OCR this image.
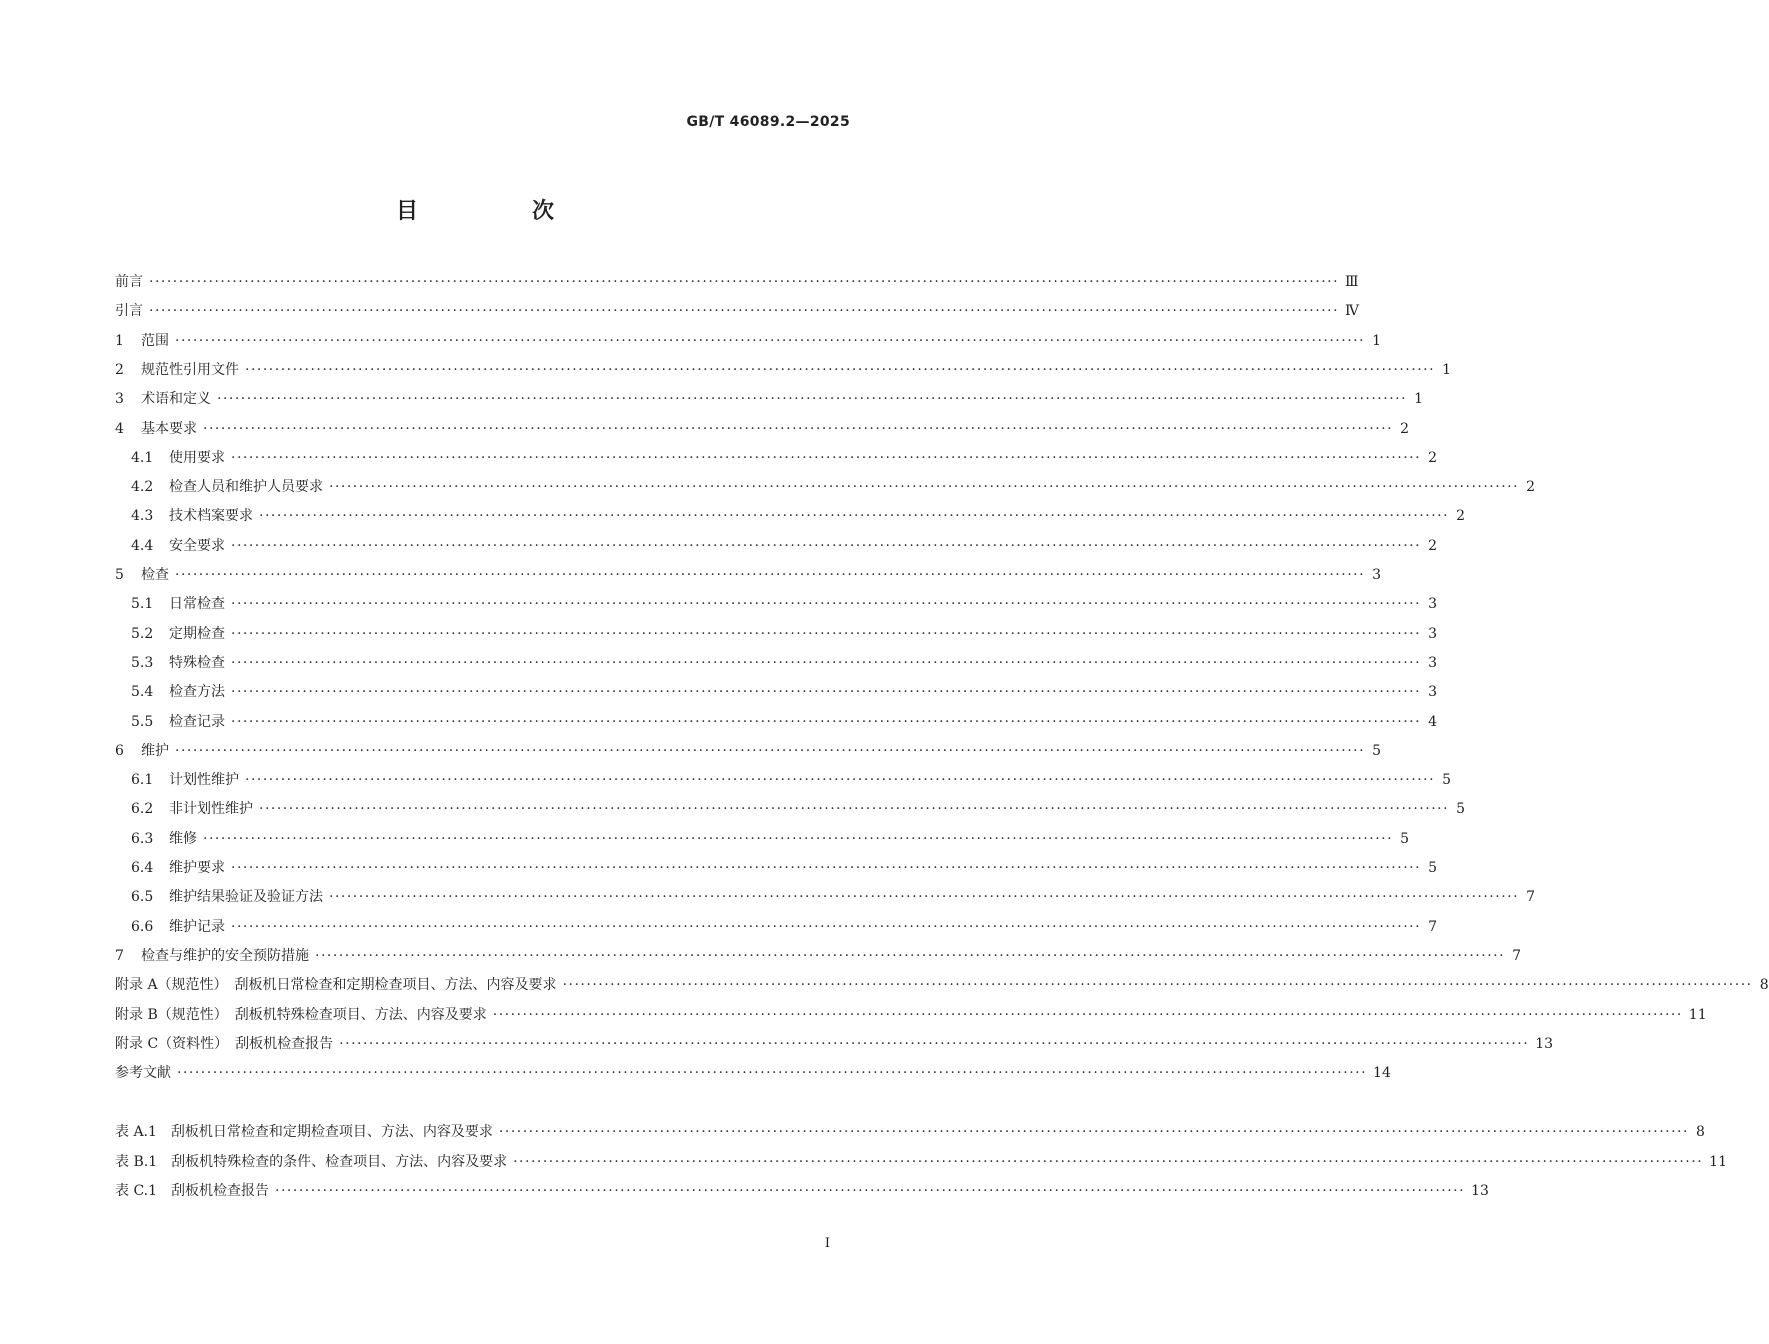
GB/T 46089.2—2025
目　次
前言 ········································································································································································································ Ⅲ
引言 ········································································································································································································ Ⅳ
1	范围 ········································································································································································································ 1
2	规范性引用文件 ········································································································································································································ 1
3	术语和定义 ········································································································································································································ 1
4	基本要求 ········································································································································································································ 2
4.1	使用要求 ········································································································································································································ 2
4.2	检查人员和维护人员要求 ········································································································································································································ 2
4.3	技术档案要求 ········································································································································································································ 2
4.4	安全要求 ········································································································································································································ 2
5	检查 ········································································································································································································ 3
5.1	日常检查 ········································································································································································································ 3
5.2	定期检查 ········································································································································································································ 3
5.3	特殊检查 ········································································································································································································ 3
5.4	检查方法 ········································································································································································································ 3
5.5	检查记录 ········································································································································································································ 4
6	维护 ········································································································································································································ 5
6.1	计划性维护 ········································································································································································································ 5
6.2	非计划性维护 ········································································································································································································ 5
6.3	维修 ········································································································································································································ 5
6.4	维护要求 ········································································································································································································ 5
6.5	维护结果验证及验证方法 ········································································································································································································ 7
6.6	维护记录 ········································································································································································································ 7
7	检查与维护的安全预防措施 ········································································································································································································ 7
附录 A（规范性）　刮板机日常检查和定期检查项目、方法、内容及要求 ········································································································································································································ 8
附录 B（规范性）　刮板机特殊检查项目、方法、内容及要求 ········································································································································································································ 11
附录 C（资料性）　刮板机检查报告 ········································································································································································································ 13
参考文献 ········································································································································································································ 14
表 A.1　刮板机日常检查和定期检查项目、方法、内容及要求 ········································································································································································································ 8
表 B.1　刮板机特殊检查的条件、检查项目、方法、内容及要求 ········································································································································································································ 11
表 C.1　刮板机检查报告 ········································································································································································································ 13
I
